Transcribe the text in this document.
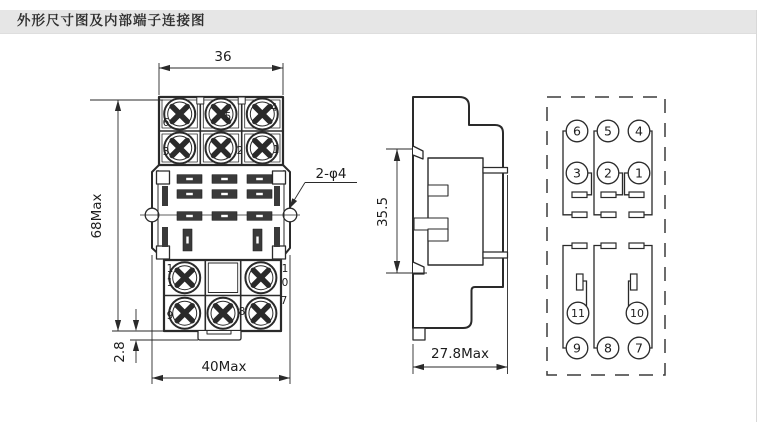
外形尺寸图及内部端子连接图
6	5
4
3	2	1
1
1
1
0
9	8
7
36
68Max
40Max
2.8
2-φ4
35.5
27.8Max
6 5 4
3 2 1
11	10
9 8 7
